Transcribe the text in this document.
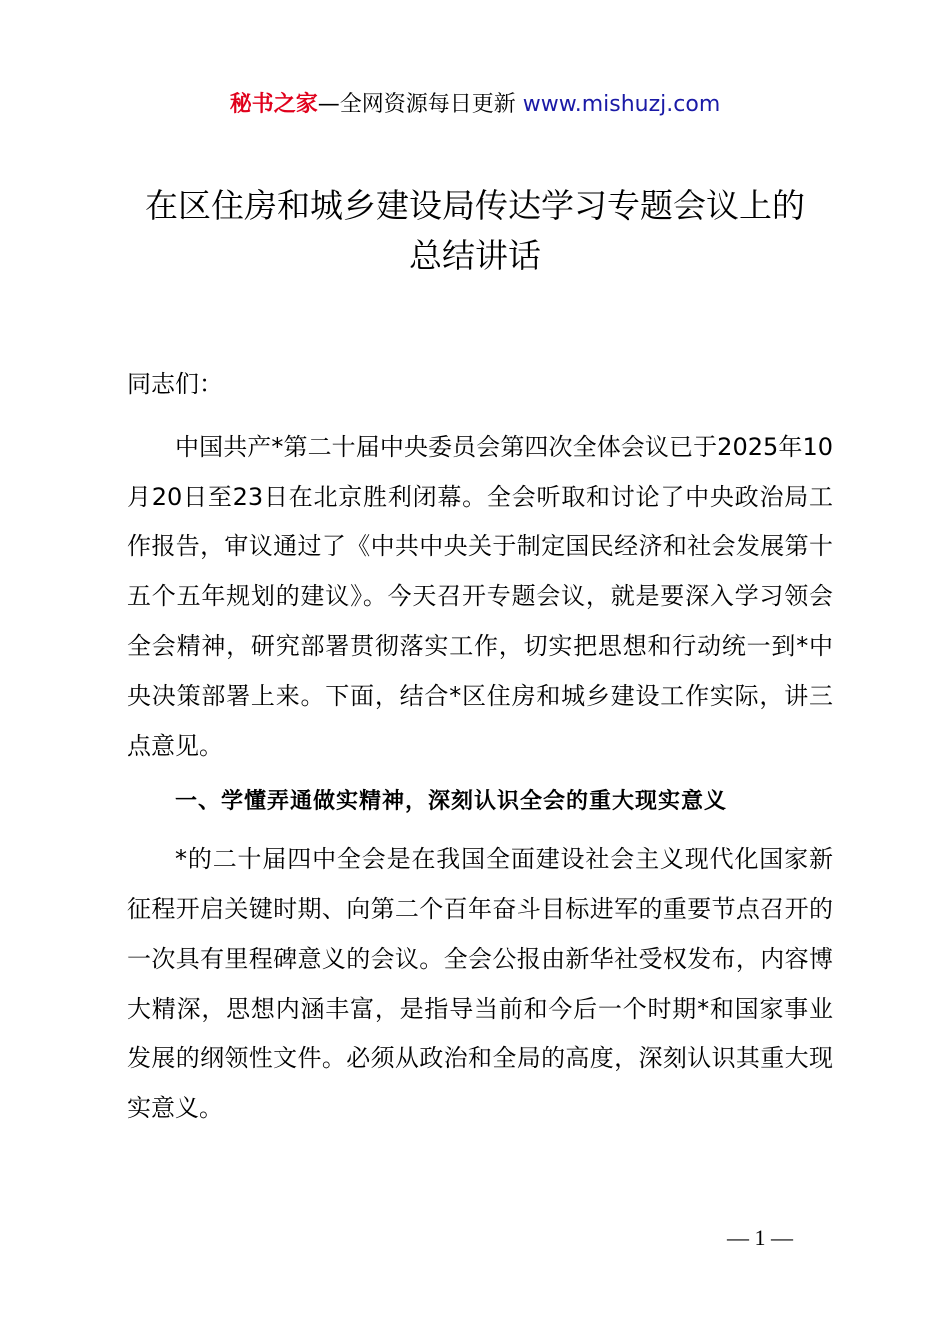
秘书之家—全网资源每日更新 www.mishuzj.com
在区住房和城乡建设局传达学习专题会议上的
总结讲话

同志们：

中国共产*第二十届中央委员会第四次全体会议已于2025年10月20日至23日在北京胜利闭幕。全会听取和讨论了中央政治局工作报告，审议通过了《中共中央关于制定国民经济和社会发展第十五个五年规划的建议》。今天召开专题会议，就是要深入学习领会全会精神，研究部署贯彻落实工作，切实把思想和行动统一到*中央决策部署上来。下面，结合*区住房和城乡建设工作实际，讲三点意见。

一、学懂弄通做实精神，深刻认识全会的重大现实意义

*的二十届四中全会是在我国全面建设社会主义现代化国家新征程开启关键时期、向第二个百年奋斗目标进军的重要节点召开的一次具有里程碑意义的会议。全会公报由新华社受权发布，内容博大精深，思想内涵丰富，是指导当前和今后一个时期*和国家事业发展的纲领性文件。必须从政治和全局的高度，深刻认识其重大现实意义。

— 1 —
